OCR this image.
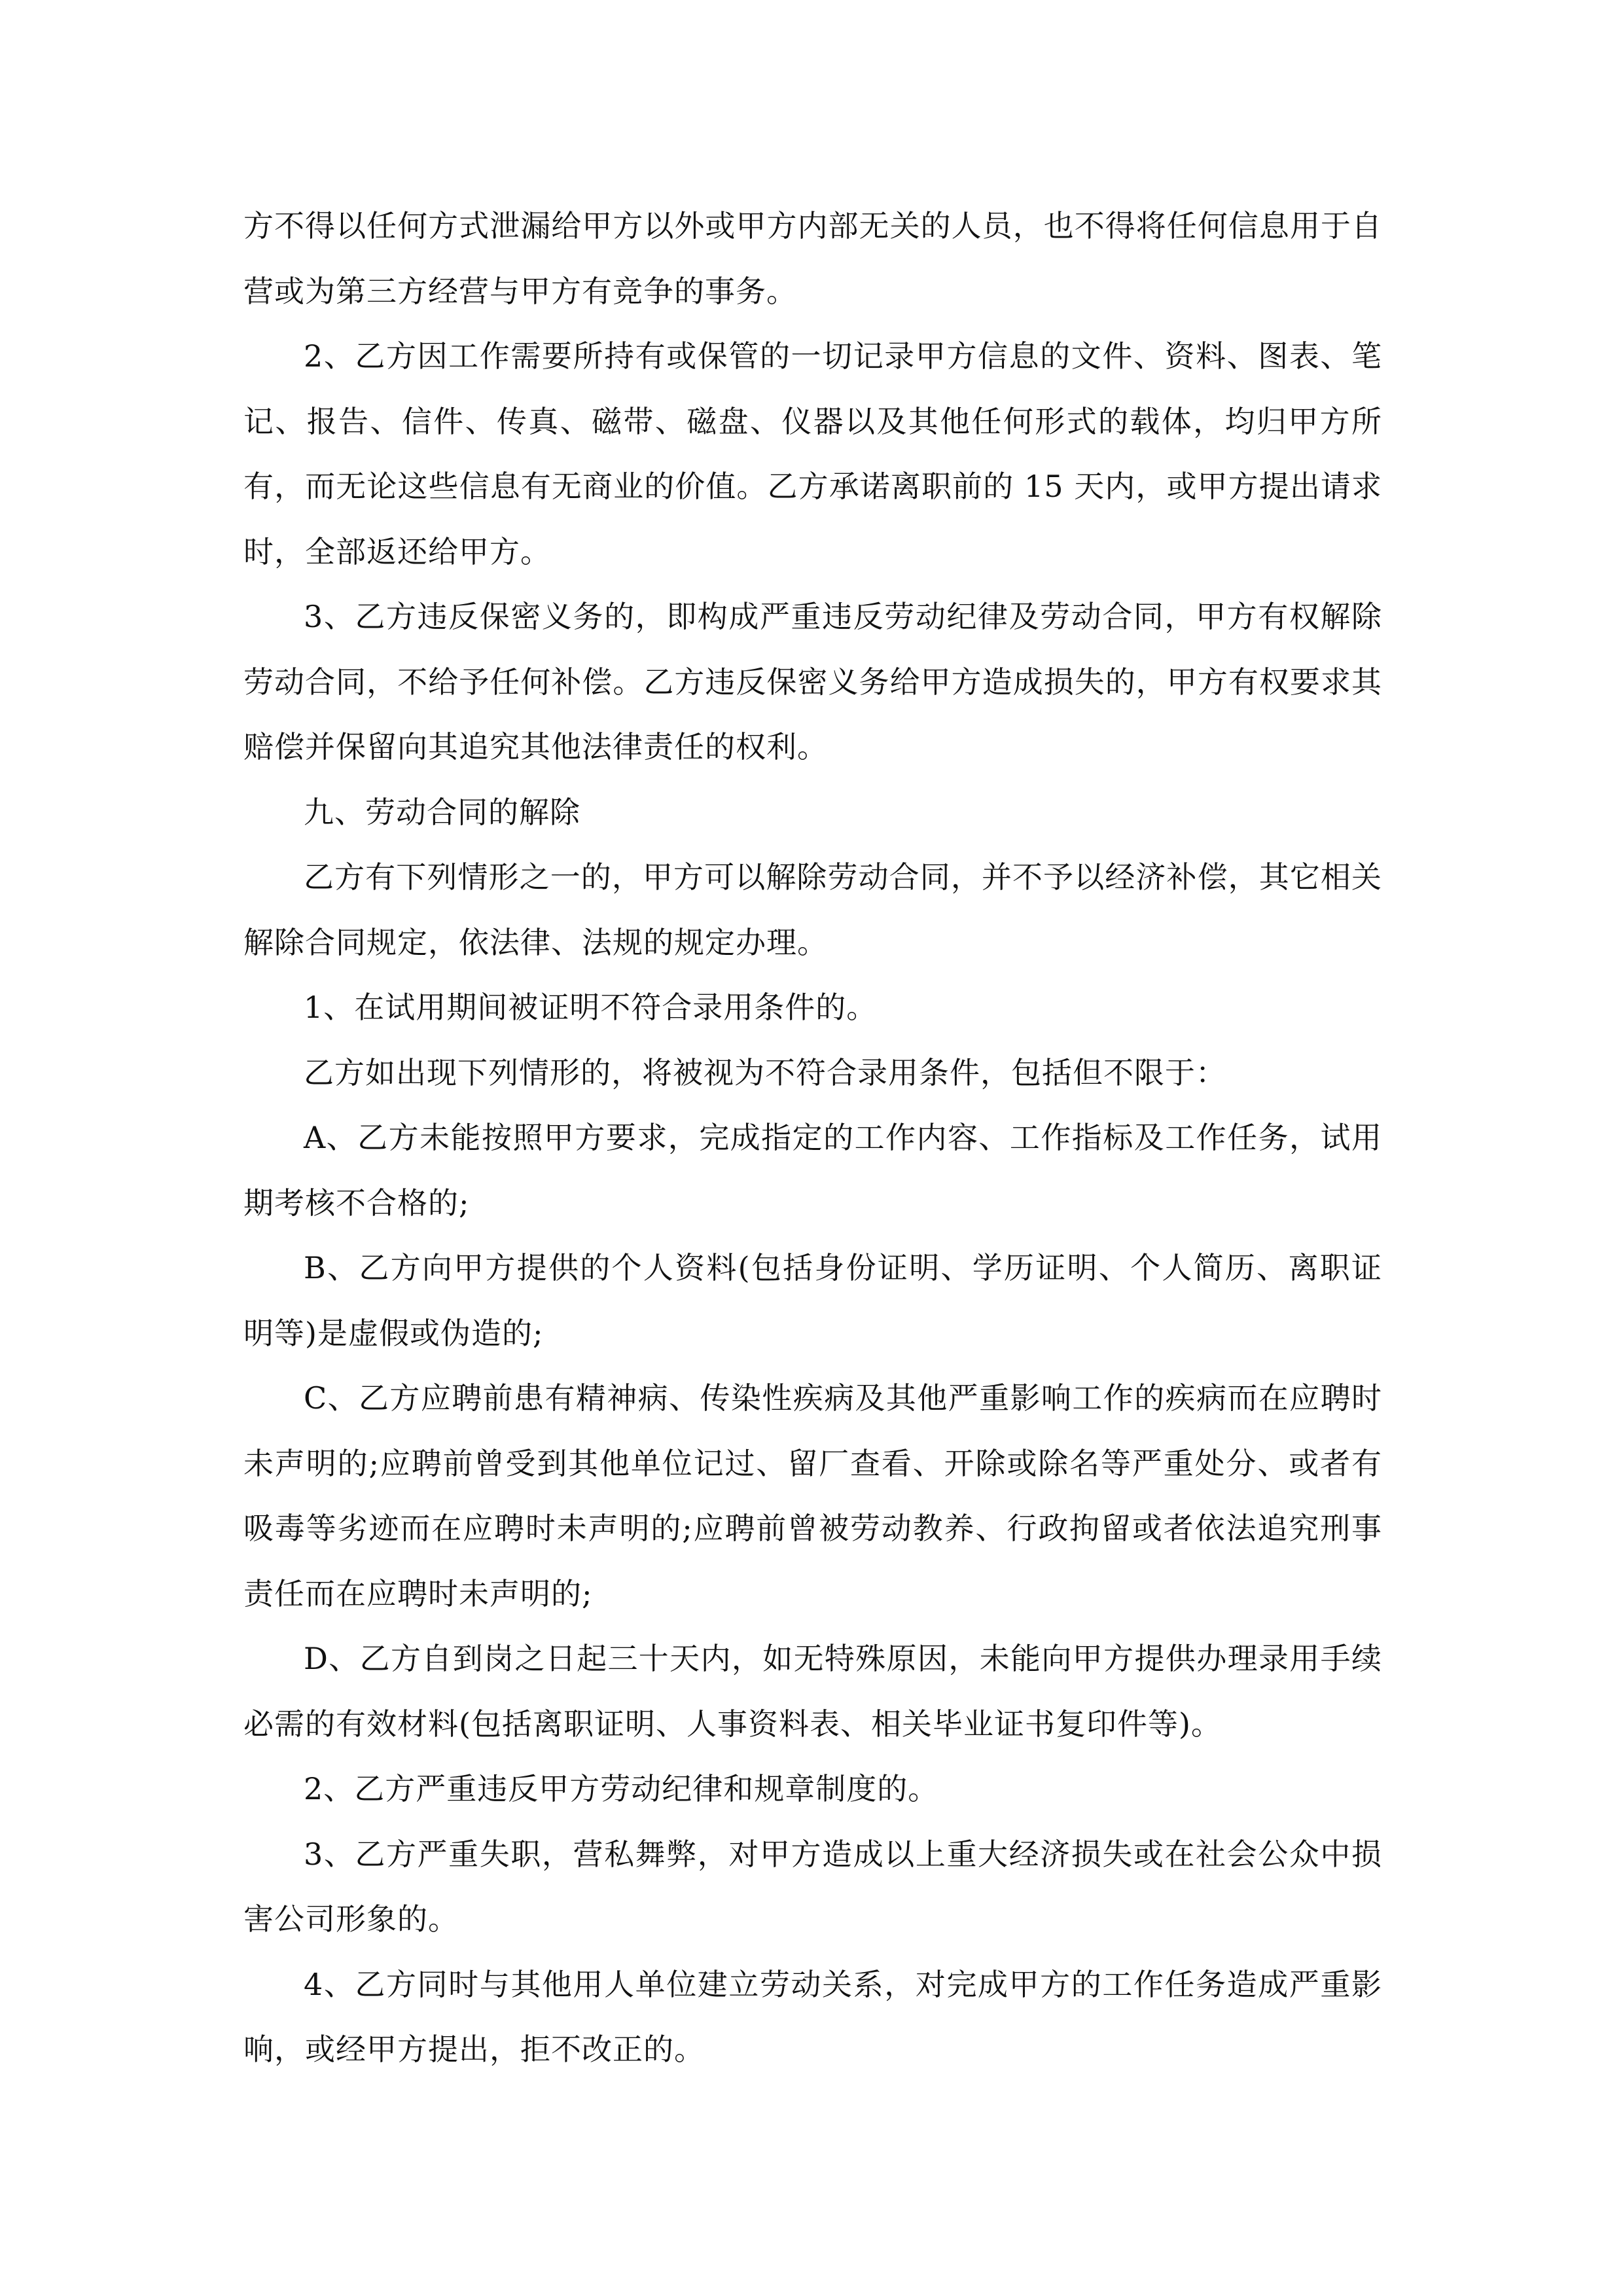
方不得以任何方式泄漏给甲方以外或甲方内部无关的人员，也不得将任何信息用于自营或为第三方经营与甲方有竞争的事务。

2、乙方因工作需要所持有或保管的一切记录甲方信息的文件、资料、图表、笔记、报告、信件、传真、磁带、磁盘、仪器以及其他任何形式的载体，均归甲方所有，而无论这些信息有无商业的价值。乙方承诺离职前的 15 天内，或甲方提出请求时，全部返还给甲方。

3、乙方违反保密义务的，即构成严重违反劳动纪律及劳动合同，甲方有权解除劳动合同，不给予任何补偿。乙方违反保密义务给甲方造成损失的，甲方有权要求其赔偿并保留向其追究其他法律责任的权利。

九、劳动合同的解除

乙方有下列情形之一的，甲方可以解除劳动合同，并不予以经济补偿，其它相关解除合同规定，依法律、法规的规定办理。

1、在试用期间被证明不符合录用条件的。

乙方如出现下列情形的，将被视为不符合录用条件，包括但不限于：

A、乙方未能按照甲方要求，完成指定的工作内容、工作指标及工作任务，试用期考核不合格的;

B、乙方向甲方提供的个人资料(包括身份证明、学历证明、个人简历、离职证明等)是虚假或伪造的;

C、乙方应聘前患有精神病、传染性疾病及其他严重影响工作的疾病而在应聘时未声明的;应聘前曾受到其他单位记过、留厂查看、开除或除名等严重处分、或者有吸毒等劣迹而在应聘时未声明的;应聘前曾被劳动教养、行政拘留或者依法追究刑事责任而在应聘时未声明的;

D、乙方自到岗之日起三十天内，如无特殊原因，未能向甲方提供办理录用手续必需的有效材料(包括离职证明、人事资料表、相关毕业证书复印件等)。

2、乙方严重违反甲方劳动纪律和规章制度的。

3、乙方严重失职，营私舞弊，对甲方造成以上重大经济损失或在社会公众中损害公司形象的。

4、乙方同时与其他用人单位建立劳动关系，对完成甲方的工作任务造成严重影响，或经甲方提出，拒不改正的。
